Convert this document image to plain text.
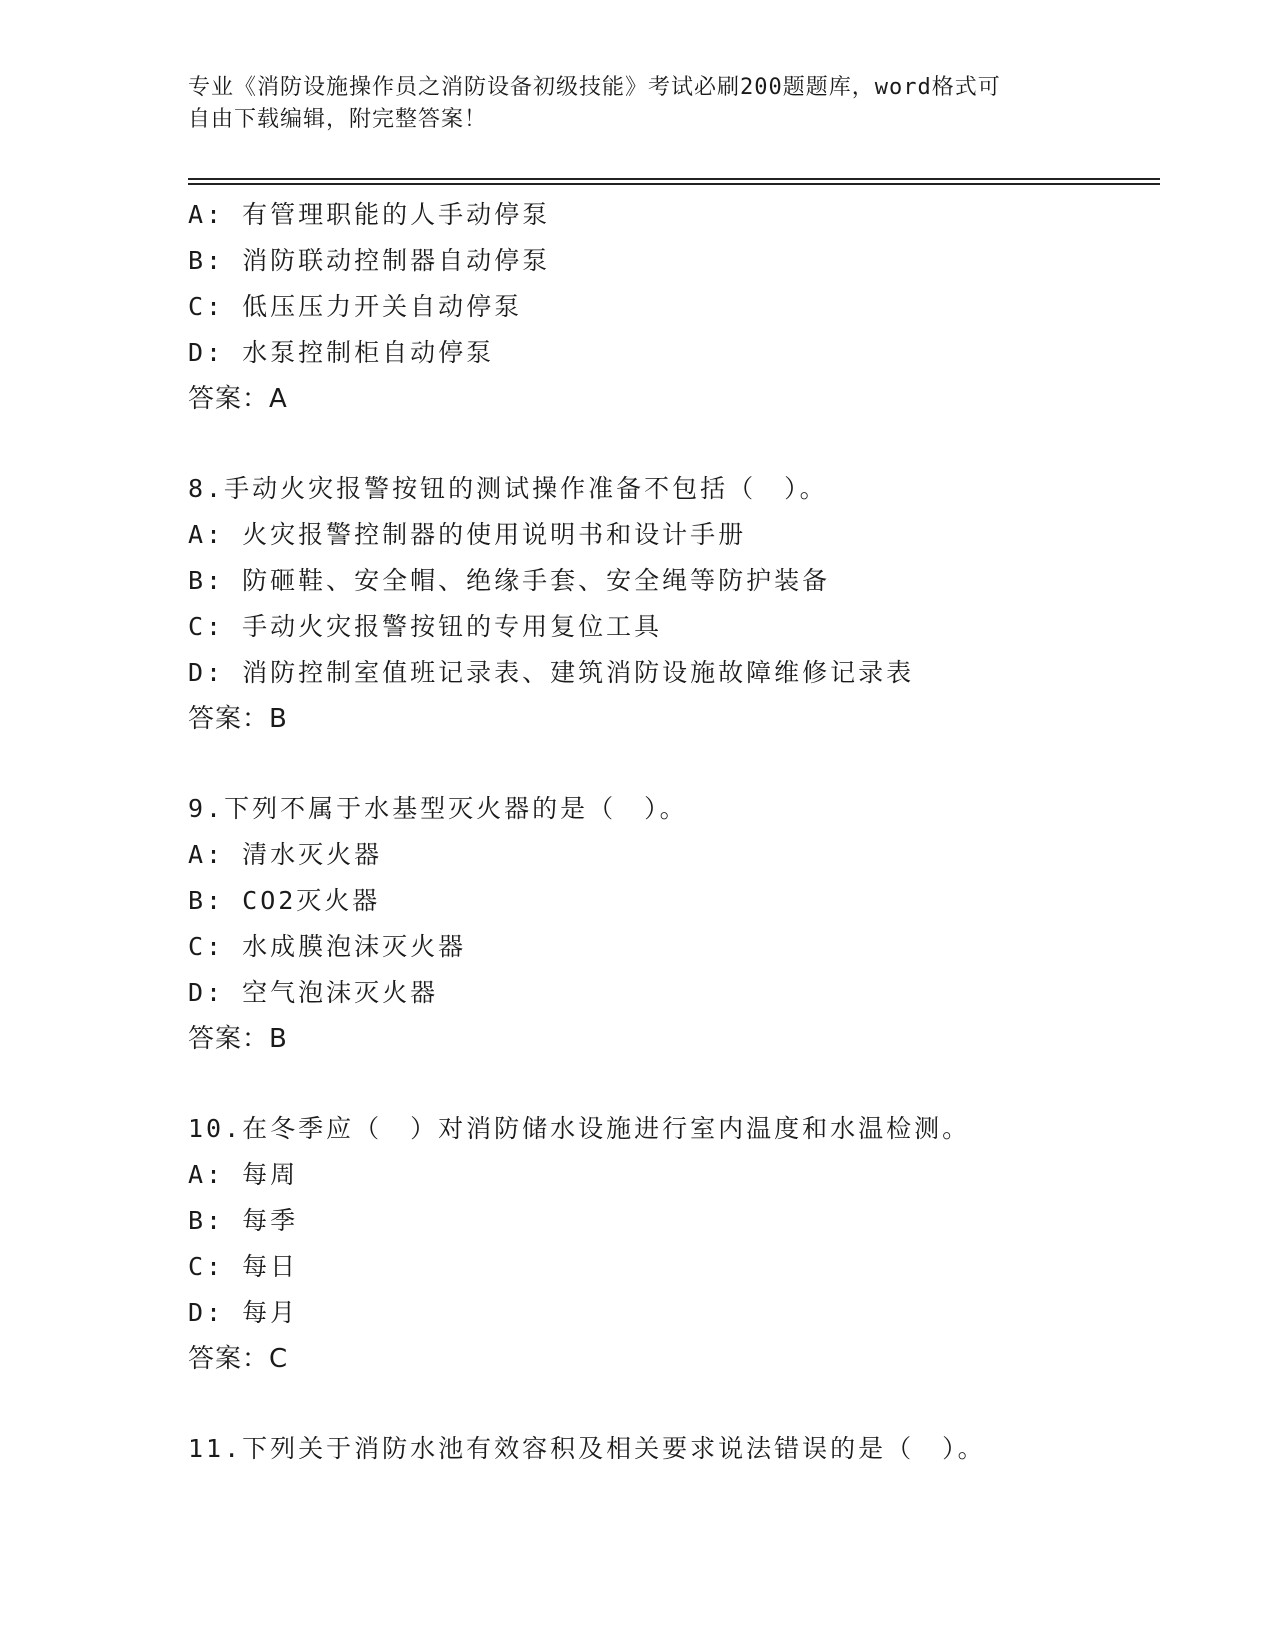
专业《消防设施操作员之消防设备初级技能》考试必刷200题题库，word格式可
自由下载编辑，附完整答案！
A: 有管理职能的人手动停泵
B: 消防联动控制器自动停泵
C: 低压压力开关自动停泵
D: 水泵控制柜自动停泵
答案：A
8.手动火灾报警按钮的测试操作准备不包括（　）。
A: 火灾报警控制器的使用说明书和设计手册
B: 防砸鞋、安全帽、绝缘手套、安全绳等防护装备
C: 手动火灾报警按钮的专用复位工具
D: 消防控制室值班记录表、建筑消防设施故障维修记录表
答案：B
9.下列不属于水基型灭火器的是（　）。
A: 清水灭火器
B: CO2灭火器
C: 水成膜泡沫灭火器
D: 空气泡沫灭火器
答案：B
10.在冬季应（　）对消防储水设施进行室内温度和水温检测。
A: 每周
B: 每季
C: 每日
D: 每月
答案：C
11.下列关于消防水池有效容积及相关要求说法错误的是（　）。
